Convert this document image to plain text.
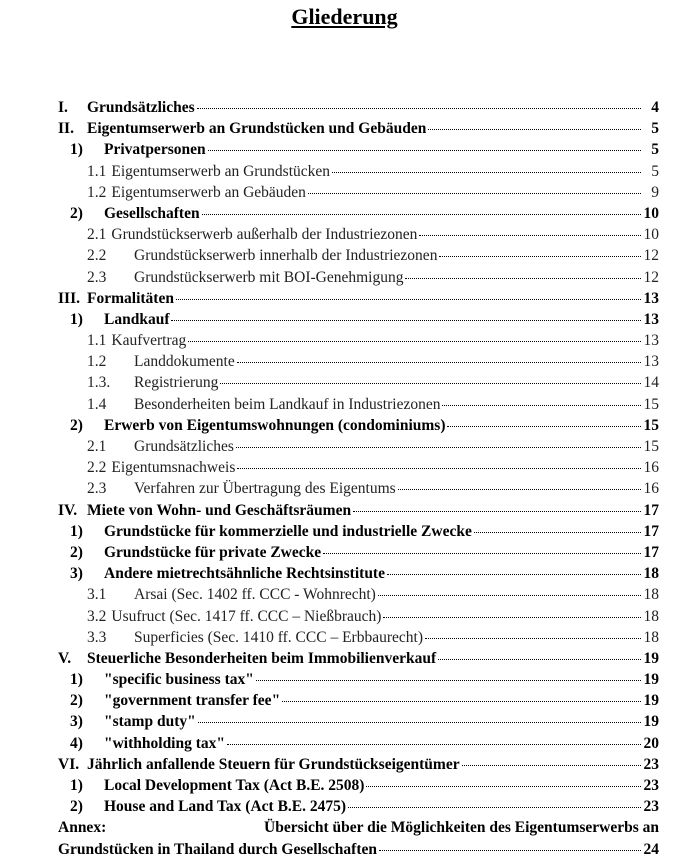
Gliederung
I. Grundsätzliches	4
II. Eigentumserwerb an Grundstücken und Gebäuden	5
1) Privatpersonen	5
1.1 Eigentumserwerb an Grundstücken	5
1.2 Eigentumserwerb an Gebäuden	9
2) Gesellschaften	10
2.1 Grundstückserwerb außerhalb der Industriezonen	10
2.2 Grundstückserwerb innerhalb der Industriezonen	12
2.3 Grundstückserwerb mit BOI-Genehmigung	12
III. Formalitäten	13
1) Landkauf	13
1.1 Kaufvertrag	13
1.2 Landdokumente	13
1.3. Registrierung	14
1.4 Besonderheiten beim Landkauf in Industriezonen	15
2) Erwerb von Eigentumswohnungen (condominiums)	15
2.1 Grundsätzliches	15
2.2 Eigentumsnachweis	16
2.3 Verfahren zur Übertragung des Eigentums	16
IV. Miete von Wohn- und Geschäftsräumen	17
1) Grundstücke für kommerzielle und industrielle Zwecke	17
2) Grundstücke für private Zwecke	17
3) Andere mietrechtsähnliche Rechtsinstitute	18
3.1 Arsai (Sec. 1402 ff. CCC - Wohnrecht)	18
3.2 Usufruct (Sec. 1417 ff. CCC – Nießbrauch)	18
3.3 Superficies (Sec. 1410 ff. CCC – Erbbaurecht)	18
V. Steuerliche Besonderheiten beim Immobilienverkauf	19
1) "specific business tax"	19
2) "government transfer fee"	19
3) "stamp duty"	19
4) "withholding tax"	20
VI. Jährlich anfallende Steuern für Grundstückseigentümer	23
1) Local Development Tax (Act B.E. 2508)	23
2) House and Land Tax (Act B.E. 2475)	23
Annex:	Übersicht über die Möglichkeiten des Eigentumserwerbs an
Grundstücken in Thailand durch Gesellschaften	24
